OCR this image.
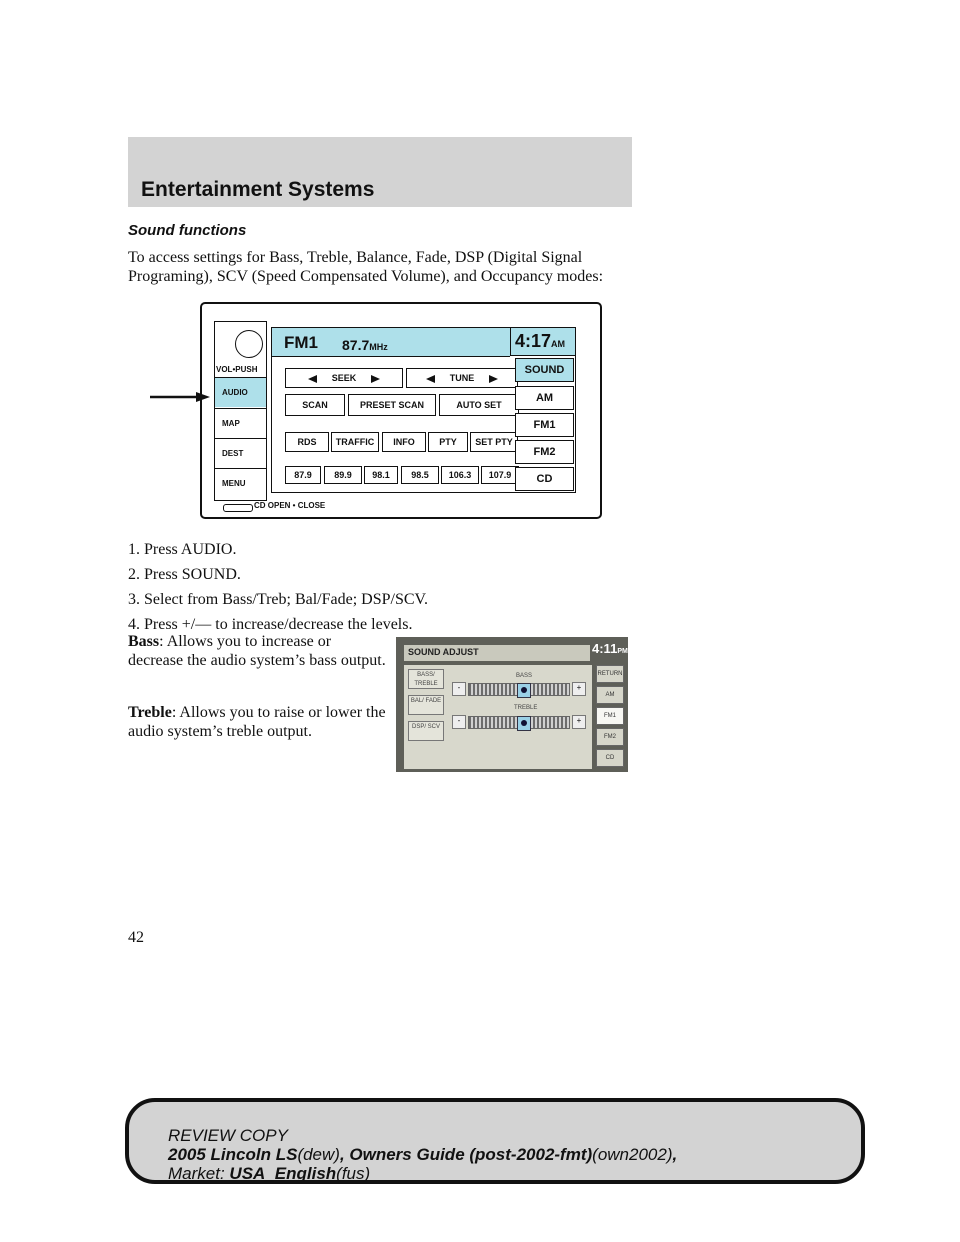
Entertainment Systems
Sound functions
To access settings for Bass, Treble, Balance, Fade, DSP (Digital Signal Programing), SCV (Speed Compensated Volume), and Occupancy modes:
VOL•PUSH
AUDIO
MAP
DEST
MENU
FM1 87.7MHz	4:17AM
SEEK	TUNE
SCAN	PRESET SCAN	AUTO SET
RDS	TRAFFIC	INFO	PTY	SET PTY
87.9	89.9	98.1	98.5	106.3	107.9
SOUND
AM
FM1
FM2
CD
CD OPEN • CLOSE
1. Press AUDIO.
2. Press SOUND.
3. Select from Bass/Treb; Bal/Fade; DSP/SCV.
4. Press +/— to increase/decrease the levels.
Bass: Allows you to increase or decrease the audio system’s bass output.
Treble: Allows you to raise or lower the audio system’s treble output.
SOUND ADJUST	4:11PM
BASS/ TREBLE
BAL/ FADE
DSP/ SCV
BASS
-	+
TREBLE
-	+
RETURN
AM
FM1
FM2
CD
42
REVIEW COPY
2005 Lincoln LS(dew), Owners Guide (post-2002-fmt)(own2002),
Market: USA_English(fus)
